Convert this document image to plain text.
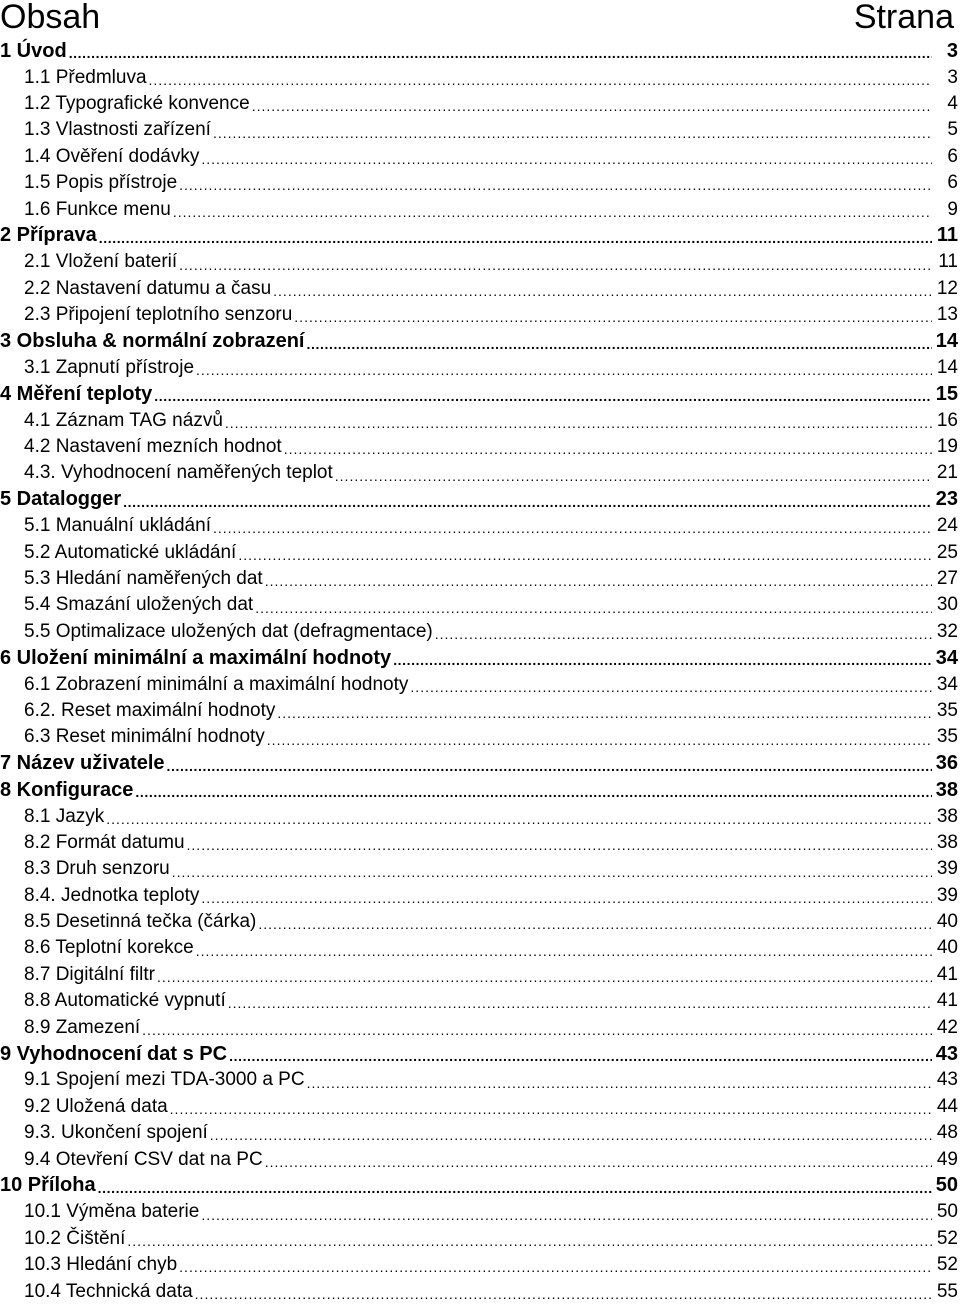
Obsah	Strana
1 Úvod .....	3
1.1 Předmluva .....	3
1.2 Typografické konvence .....	4
1.3 Vlastnosti zařízení .....	5
1.4 Ověření dodávky .....	6
1.5 Popis přístroje .....	6
1.6 Funkce menu .....	9
2 Příprava .....	11
2.1 Vložení baterií .....	11
2.2 Nastavení datumu a času .....	12
2.3 Připojení teplotního senzoru .....	13
3 Obsluha & normální zobrazení .....	14
3.1 Zapnutí přístroje .....	14
4 Měření teploty .....	15
4.1 Záznam TAG názvů .....	16
4.2 Nastavení mezních hodnot .....	19
4.3. Vyhodnocení naměřených teplot .....	21
5 Datalogger .....	23
5.1 Manuální ukládání .....	24
5.2 Automatické ukládání .....	25
5.3 Hledání naměřených dat .....	27
5.4 Smazání uložených dat .....	30
5.5 Optimalizace uložených dat (defragmentace) .....	32
6 Uložení minimální a maximální hodnoty .....	34
6.1 Zobrazení minimální a maximální hodnoty .....	34
6.2. Reset maximální hodnoty .....	35
6.3 Reset minimální hodnoty .....	35
7 Název uživatele .....	36
8 Konfigurace .....	38
8.1 Jazyk .....	38
8.2 Formát datumu .....	38
8.3 Druh senzoru .....	39
8.4. Jednotka teploty .....	39
8.5 Desetinná tečka (čárka) .....	40
8.6 Teplotní korekce .....	40
8.7 Digitální filtr .....	41
8.8 Automatické vypnutí .....	41
8.9 Zamezení .....	42
9 Vyhodnocení dat s PC .....	43
9.1 Spojení mezi TDA-3000 a PC .....	43
9.2 Uložená data .....	44
9.3. Ukončení spojení .....	48
9.4 Otevření CSV dat na PC .....	49
10 Příloha .....	50
10.1 Výměna baterie .....	50
10.2 Čištění .....	52
10.3 Hledání chyb .....	52
10.4 Technická data .....	55
